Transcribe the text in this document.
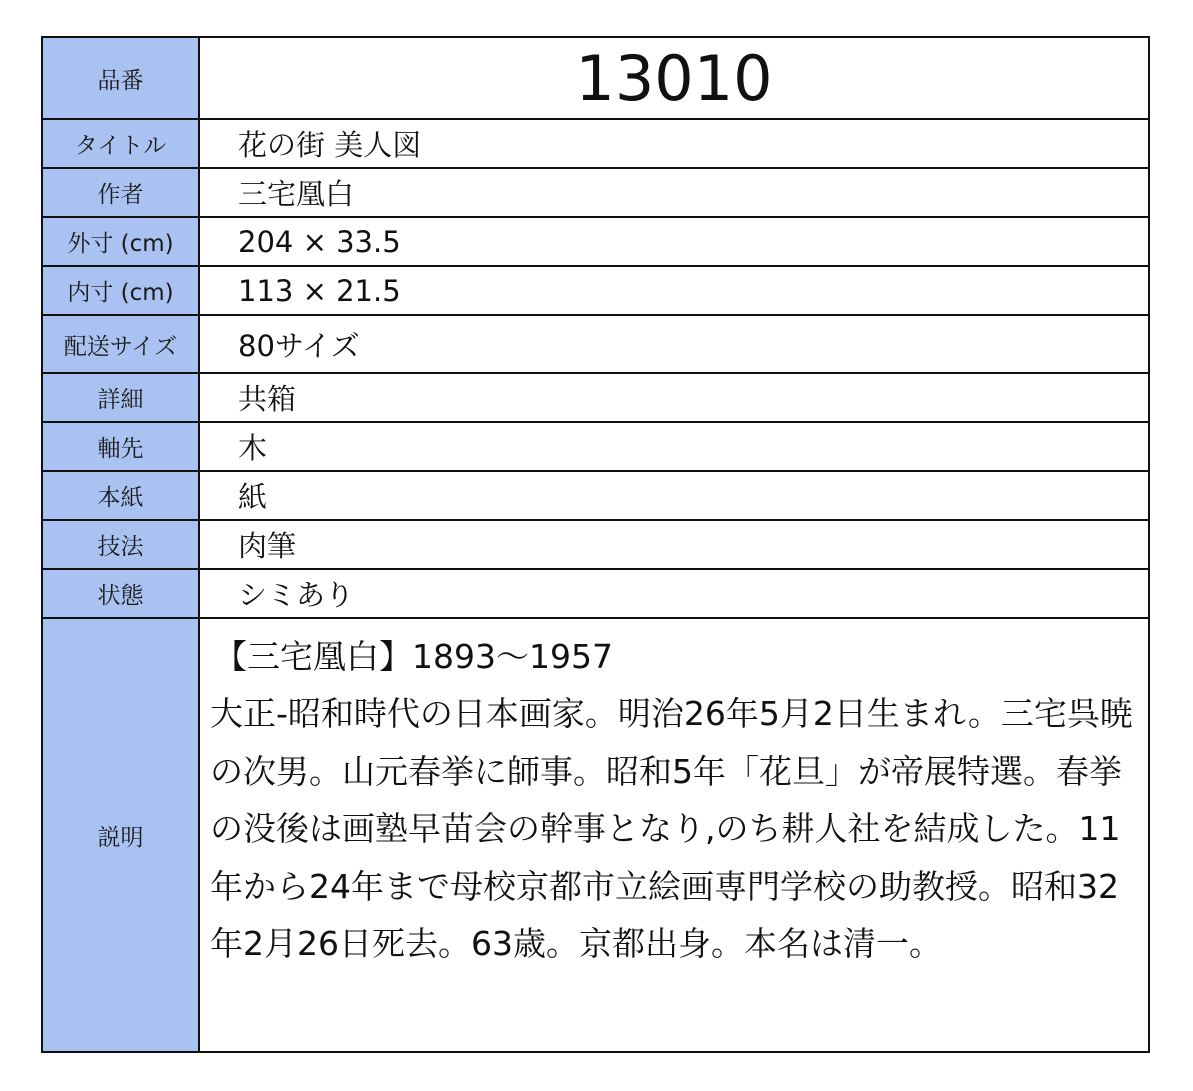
品番	13010
タイトル	花の街 美人図
作者	三宅凰白
外寸 (cm)	204 × 33.5
内寸 (cm)	113 × 21.5
配送サイズ	80サイズ
詳細	共箱
軸先	木
本紙	紙
技法	肉筆
状態	シミあり
説明

【三宅凰白】1893〜1957

大正-昭和時代の日本画家。明治26年5月2日生まれ。三宅呉暁の次男。山元春挙に師事。昭和5年「花旦」が帝展特選。春挙の没後は画塾早苗会の幹事となり,のち耕人社を結成した。11年から24年まで母校京都市立絵画専門学校の助教授。昭和32年2月26日死去。63歳。京都出身。本名は清一。
